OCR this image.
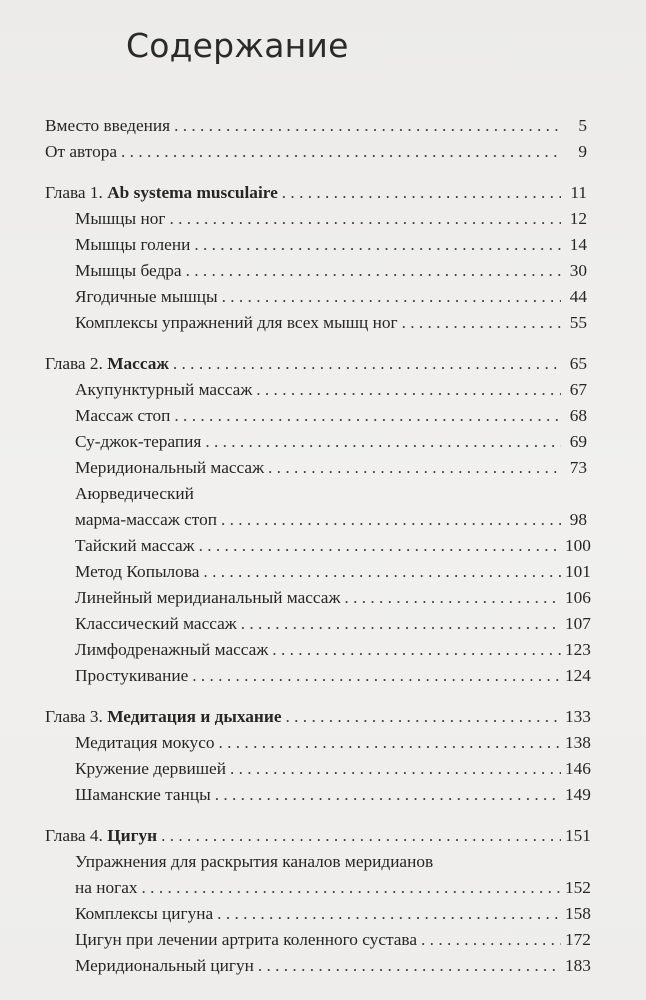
Содержание
Вместо введения . . .	5
От автора . . .	9
Глава 1. Ab systema musculaire . . .	11
Мышцы ног . . .	12
Мышцы голени . . .	14
Мышцы бедра . . .	30
Ягодичные мышцы . . .	44
Комплексы упражнений для всех мышц ног . . .	55
Глава 2. Массаж . . .	65
Акупунктурный массаж . . .	67
Массаж стоп . . .	68
Су-джок-терапия . . .	69
Меридиональный массаж . . .	73
Аюрведический
марма-массаж стоп . . .	98
Тайский массаж . . .	100
Метод Копылова . . .	101
Линейный меридианальный массаж . . .	106
Классический массаж . . .	107
Лимфодренажный массаж . . .	123
Простукивание . . .	124
Глава 3. Медитация и дыхание . . .	133
Медитация мокусо . . .	138
Кружение дервишей . . .	146
Шаманские танцы . . .	149
Глава 4. Цигун . . .	151
Упражнения для раскрытия каналов меридианов
на ногах . . .	152
Комплексы цигуна . . .	158
Цигун при лечении артрита коленного сустава . . .	172
Меридиональный цигун . . .	183
